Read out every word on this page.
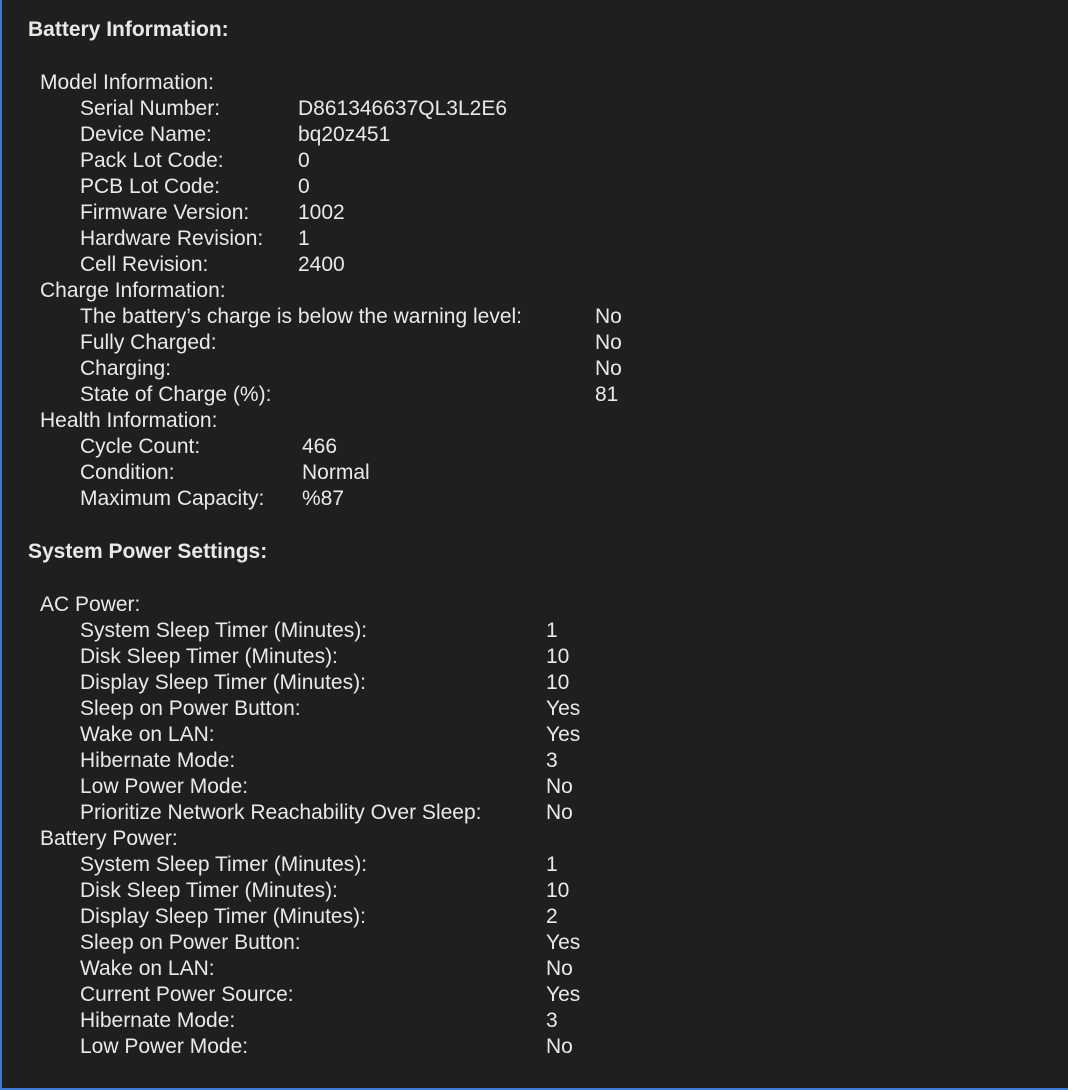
Battery Information:
Model Information:
Serial Number:	D861346637QL3L2E6
Device Name:	bq20z451
Pack Lot Code:	0
PCB Lot Code:	0
Firmware Version:	1002
Hardware Revision:	1
Cell Revision:	2400
Charge Information:
The battery’s charge is below the warning level:	No
Fully Charged:	No
Charging:	No
State of Charge (%):	81
Health Information:
Cycle Count:	466
Condition:	Normal
Maximum Capacity:	%87
System Power Settings:
AC Power:
System Sleep Timer (Minutes):	1
Disk Sleep Timer (Minutes):	10
Display Sleep Timer (Minutes):	10
Sleep on Power Button:	Yes
Wake on LAN:	Yes
Hibernate Mode:	3
Low Power Mode:	No
Prioritize Network Reachability Over Sleep:	No
Battery Power:
System Sleep Timer (Minutes):	1
Disk Sleep Timer (Minutes):	10
Display Sleep Timer (Minutes):	2
Sleep on Power Button:	Yes
Wake on LAN:	No
Current Power Source:	Yes
Hibernate Mode:	3
Low Power Mode:	No
